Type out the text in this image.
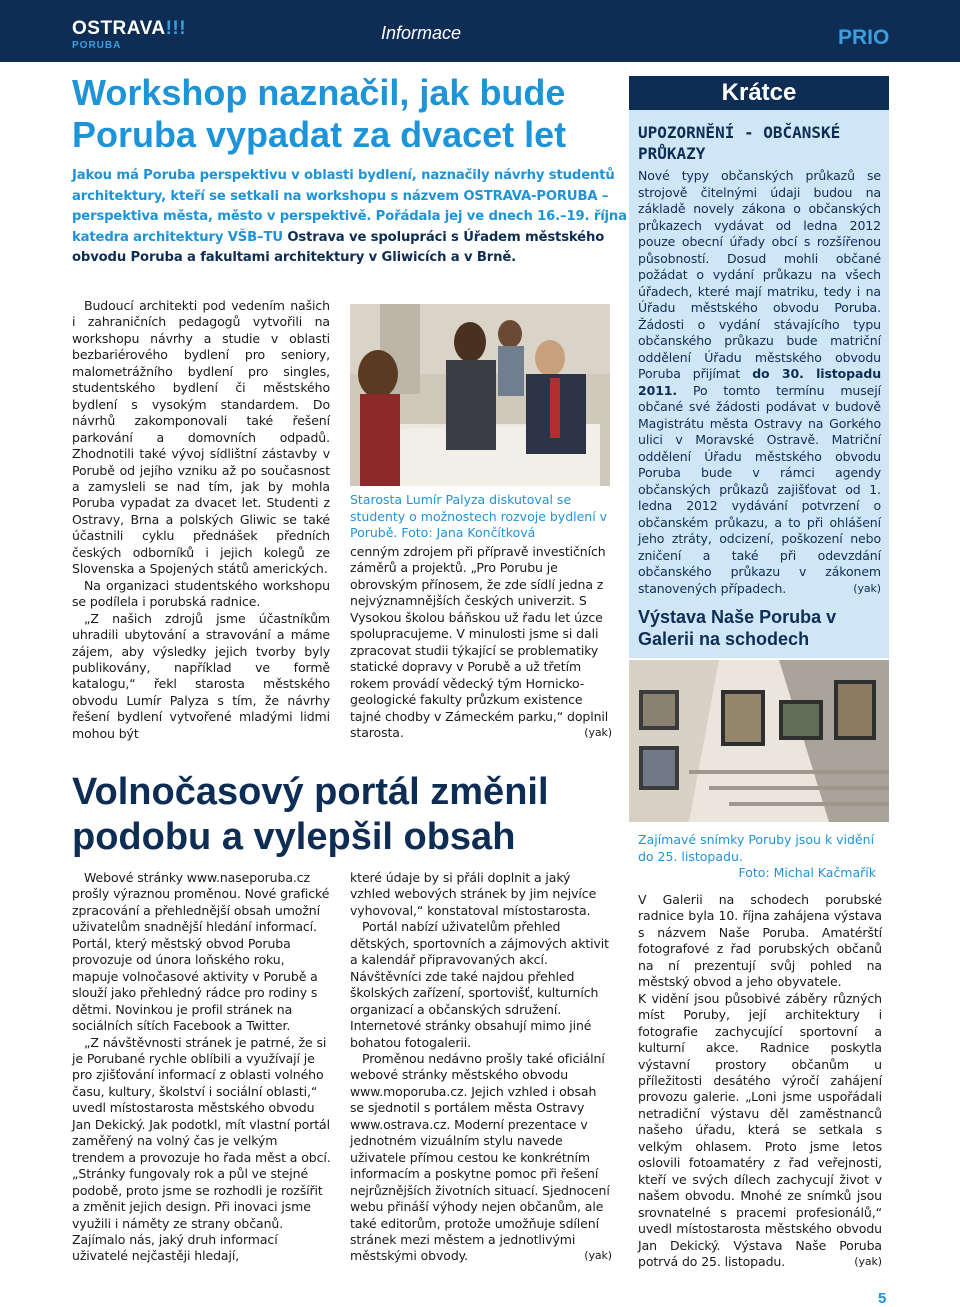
OSTRAVA!!!
PORUBA
Informace	PRIO
Workshop naznačil, jak bude Poruba vypadat za dvacet let
Jakou má Poruba perspektivu v oblasti bydlení, naznačily návrhy studentů architektury, kteří se setkali na workshopu s názvem OSTRAVA-PORUBA – perspektiva města, město v perspektivě. Pořádala jej ve dnech 16.–19. října katedra architektury VŠB–TU Ostrava ve spolupráci s Úřadem městského obvodu Poruba a fakultami architektury v Gliwicích a v Brně.

Budoucí architekti pod vedením našich i zahraničních pedagogů vytvořili na workshopu návrhy a studie v oblasti bezbariérového bydlení pro seniory, malometrážního bydlení pro singles, studentského bydlení či městského bydlení s vysokým standardem. Do návrhů zakomponovali také řešení parkování a domovních odpadů. Zhodnotili také vývoj sídlištní zástavby v Porubě od jejího vzniku až po současnost a zamysleli se nad tím, jak by mohla Poruba vypadat za dvacet let. Studenti z Ostravy, Brna a polských Gliwic se také účastnili cyklu přednášek předních českých odborníků i jejich kolegů ze Slovenska a Spojených států amerických.

Na organizaci studentského workshopu se podílela i porubská radnice.

„Z našich zdrojů jsme účastníkům uhradili ubytování a stravování a máme zájem, aby výsledky jejich tvorby byly publikovány, například ve formě katalogu,“ řekl starosta městského obvodu Lumír Palyza s tím, že návrhy řešení bydlení vytvořené mladými lidmi mohou být

Starosta Lumír Palyza diskutoval se studenty o možnostech rozvoje bydlení v Porubě. Foto: Jana Končítková
cenným zdrojem při přípravě investičních záměrů a projektů. „Pro Porubu je obrovským přínosem, že zde sídlí jedna z nejvýznamnějších českých univerzit. S Vysokou školou báňskou už řadu let úzce spolupracujeme. V minulosti jsme si dali zpracovat studii týkající se problematiky statické dopravy v Porubě a už třetím rokem provádí vědecký tým Hornicko-geologické fakulty průzkum existence tajné chodby v Zámeckém parku,“ doplnil starosta.	(yak)
Volnočasový portál změnil podobu a vylepšil obsah

Webové stránky www.naseporuba.cz prošly výraznou proměnou. Nové grafické zpracování a přehlednější obsah umožní uživatelům snadnější hledání informací. Portál, který městský obvod Poruba provozuje od února loňského roku, mapuje volnočasové aktivity v Porubě a slouží jako přehledný rádce pro rodiny s dětmi. Novinkou je profil stránek na sociálních sítích Facebook a Twitter.

„Z návštěvnosti stránek je patrné, že si je Porubané rychle oblíbili a využívají je pro zjišťování informací z oblasti volného času, kultury, školství i sociální oblasti,“ uvedl místostarosta městského obvodu Jan Dekický. Jak podotkl, mít vlastní portál zaměřený na volný čas je velkým trendem a provozuje ho řada měst a obcí. „Stránky fungovaly rok a půl ve stejné podobě, proto jsme se rozhodli je rozšířit a změnit jejich design. Při inovaci jsme využili i náměty ze strany občanů. Zajímalo nás, jaký druh informací uživatelé nejčastěji hledají,

které údaje by si přáli doplnit a jaký vzhled webových stránek by jim nejvíce vyhovoval,“ konstatoval místostarosta.

Portál nabízí uživatelům přehled dětských, sportovních a zájmových aktivit a kalendář připravovaných akcí. Návštěvníci zde také najdou přehled školských zařízení, sportovišť, kulturních organizací a občanských sdružení. Internetové stránky obsahují mimo jiné bohatou fotogalerii.

Proměnou nedávno prošly také oficiální webové stránky městského obvodu www.moporuba.cz. Jejich vzhled i obsah se sjednotil s portálem města Ostravy www.ostrava.cz. Moderní prezentace v jednotném vizuálním stylu navede uživatele přímou cestou ke konkrétním informacím a poskytne pomoc při řešení nejrůznějších životních situací. Sjednocení webu přináší výhody nejen občanům, ale také editorům, protože umožňuje sdílení stránek mezi městem a jednotlivými městskými obvody.	(yak)

Krátce
UPOZORNĚNÍ - OBČANSKÉ PRŮKAZY
Nové typy občanských průkazů se strojově čitelnými údaji budou na základě novely zákona o občanských průkazech vydávat od ledna 2012 pouze obecní úřady obcí s rozšířenou působností. Dosud mohli občané požádat o vydání průkazu na všech úřadech, které mají matriku, tedy i na Úřadu městského obvodu Poruba. Žádosti o vydání stávajícího typu občanského průkazu bude matriční oddělení Úřadu městského obvodu Poruba přijímat do 30. listopadu 2011. Po tomto termínu musejí občané své žádosti podávat v budově Magistrátu města Ostravy na Gorkého ulici v Moravské Ostravě. Matriční oddělení Úřadu městského obvodu Poruba bude v rámci agendy občanských průkazů zajišťovat od 1. ledna 2012 vydávání potvrzení o občanském průkazu, a to při ohlášení jeho ztráty, odcizení, poškození nebo zničení a také při odevzdání občanského průkazu v zákonem stanovených případech.	(yak)
Výstava Naše Poruba v Galerii na schodech
Zajímavé snímky Poruby jsou k vidění do 25. listopadu.
Foto: Michal Kačmařík

V Galerii na schodech porubské radnice byla 10. října zahájena výstava s názvem Naše Poruba. Amatérští fotografové z řad porubských občanů na ní prezentují svůj pohled na městský obvod a jeho obyvatele.

K vidění jsou působivé záběry různých míst Poruby, její architektury i fotografie zachycující sportovní a kulturní akce. Radnice poskytla výstavní prostory občanům u příležitosti desátého výročí zahájení provozu galerie. „Loni jsme uspořádali netradiční výstavu děl zaměstnanců našeho úřadu, která se setkala s velkým ohlasem. Proto jsme letos oslovili fotoamatéry z řad veřejnosti, kteří ve svých dílech zachycují život v našem obvodu. Mnohé ze snímků jsou srovnatelné s pracemi profesionálů,“ uvedl místostarosta městského obvodu Jan Dekický. Výstava Naše Poruba potrvá do 25. listopadu.	(yak)

5
